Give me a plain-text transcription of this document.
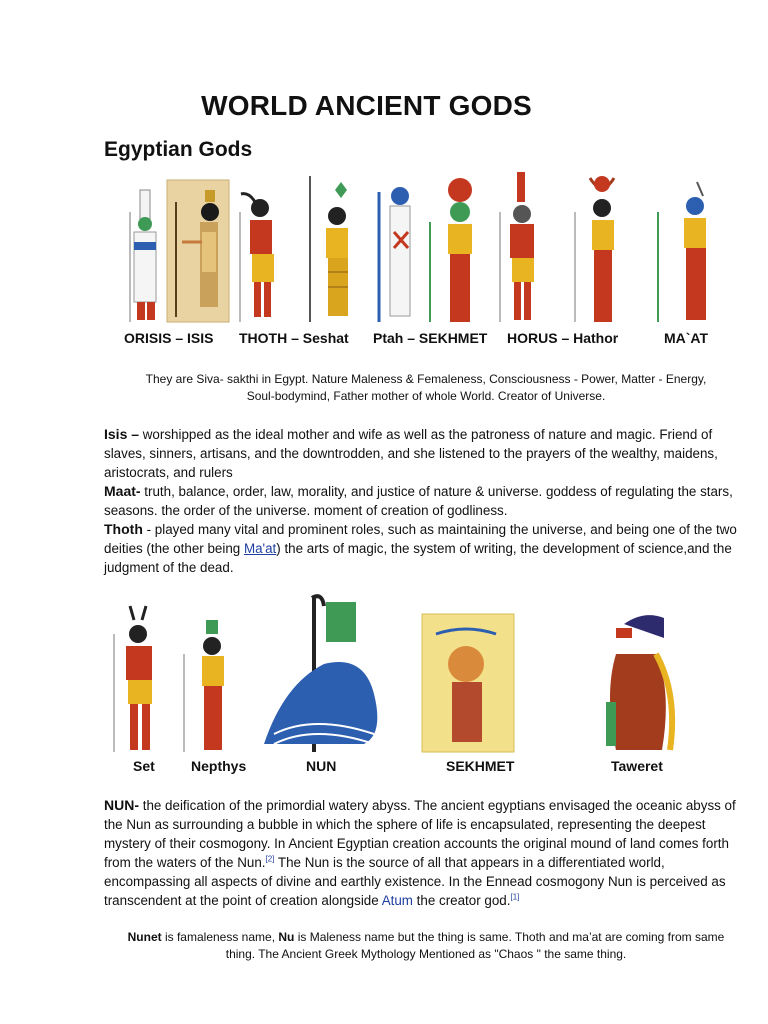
WORLD ANCIENT GODS
Egyptian Gods
ORISIS – ISIS THOTH – Seshat Ptah – SEKHMET HORUS – Hathor	MA`AT
They are Siva- sakthi in Egypt. Nature Maleness & Femaleness, Consciousness - Power, Matter - Energy,
Soul-bodymind, Father mother of whole World. Creator of Universe.
Isis – worshipped as the ideal mother and wife as well as the patroness of nature and magic. Friend of slaves, sinners, artisans, and the downtrodden, and she listened to the prayers of the wealthy, maidens, aristocrats, and rulers
Maat- truth, balance, order, law, morality, and justice of nature & universe. goddess of regulating the stars, seasons. the order of the universe. moment of creation of godliness.
Thoth - played many vital and prominent roles, such as maintaining the universe, and being one of the two deities (the other being Ma'at) the arts of magic, the system of writing, the development of science,and the judgment of the dead.
Set	Nepthys	NUN	SEKHMET	Taweret
NUN- the deification of the primordial watery abyss. The ancient egyptians envisaged the oceanic abyss of the Nun as surrounding a bubble in which the sphere of life is encapsulated, representing the deepest mystery of their cosmogony. In Ancient Egyptian creation accounts the original mound of land comes forth from the waters of the Nun.[2] The Nun is the source of all that appears in a differentiated world, encompassing all aspects of divine and earthly existence. In the Ennead cosmogony Nun is perceived as transcendent at the point of creation alongside Atum the creator god.[1]
Nunet is famaleness name, Nu is Maleness name but the thing is same. Thoth and ma’at are coming from same
thing. The Ancient Greek Mythology Mentioned as "Chaos " the same thing.
